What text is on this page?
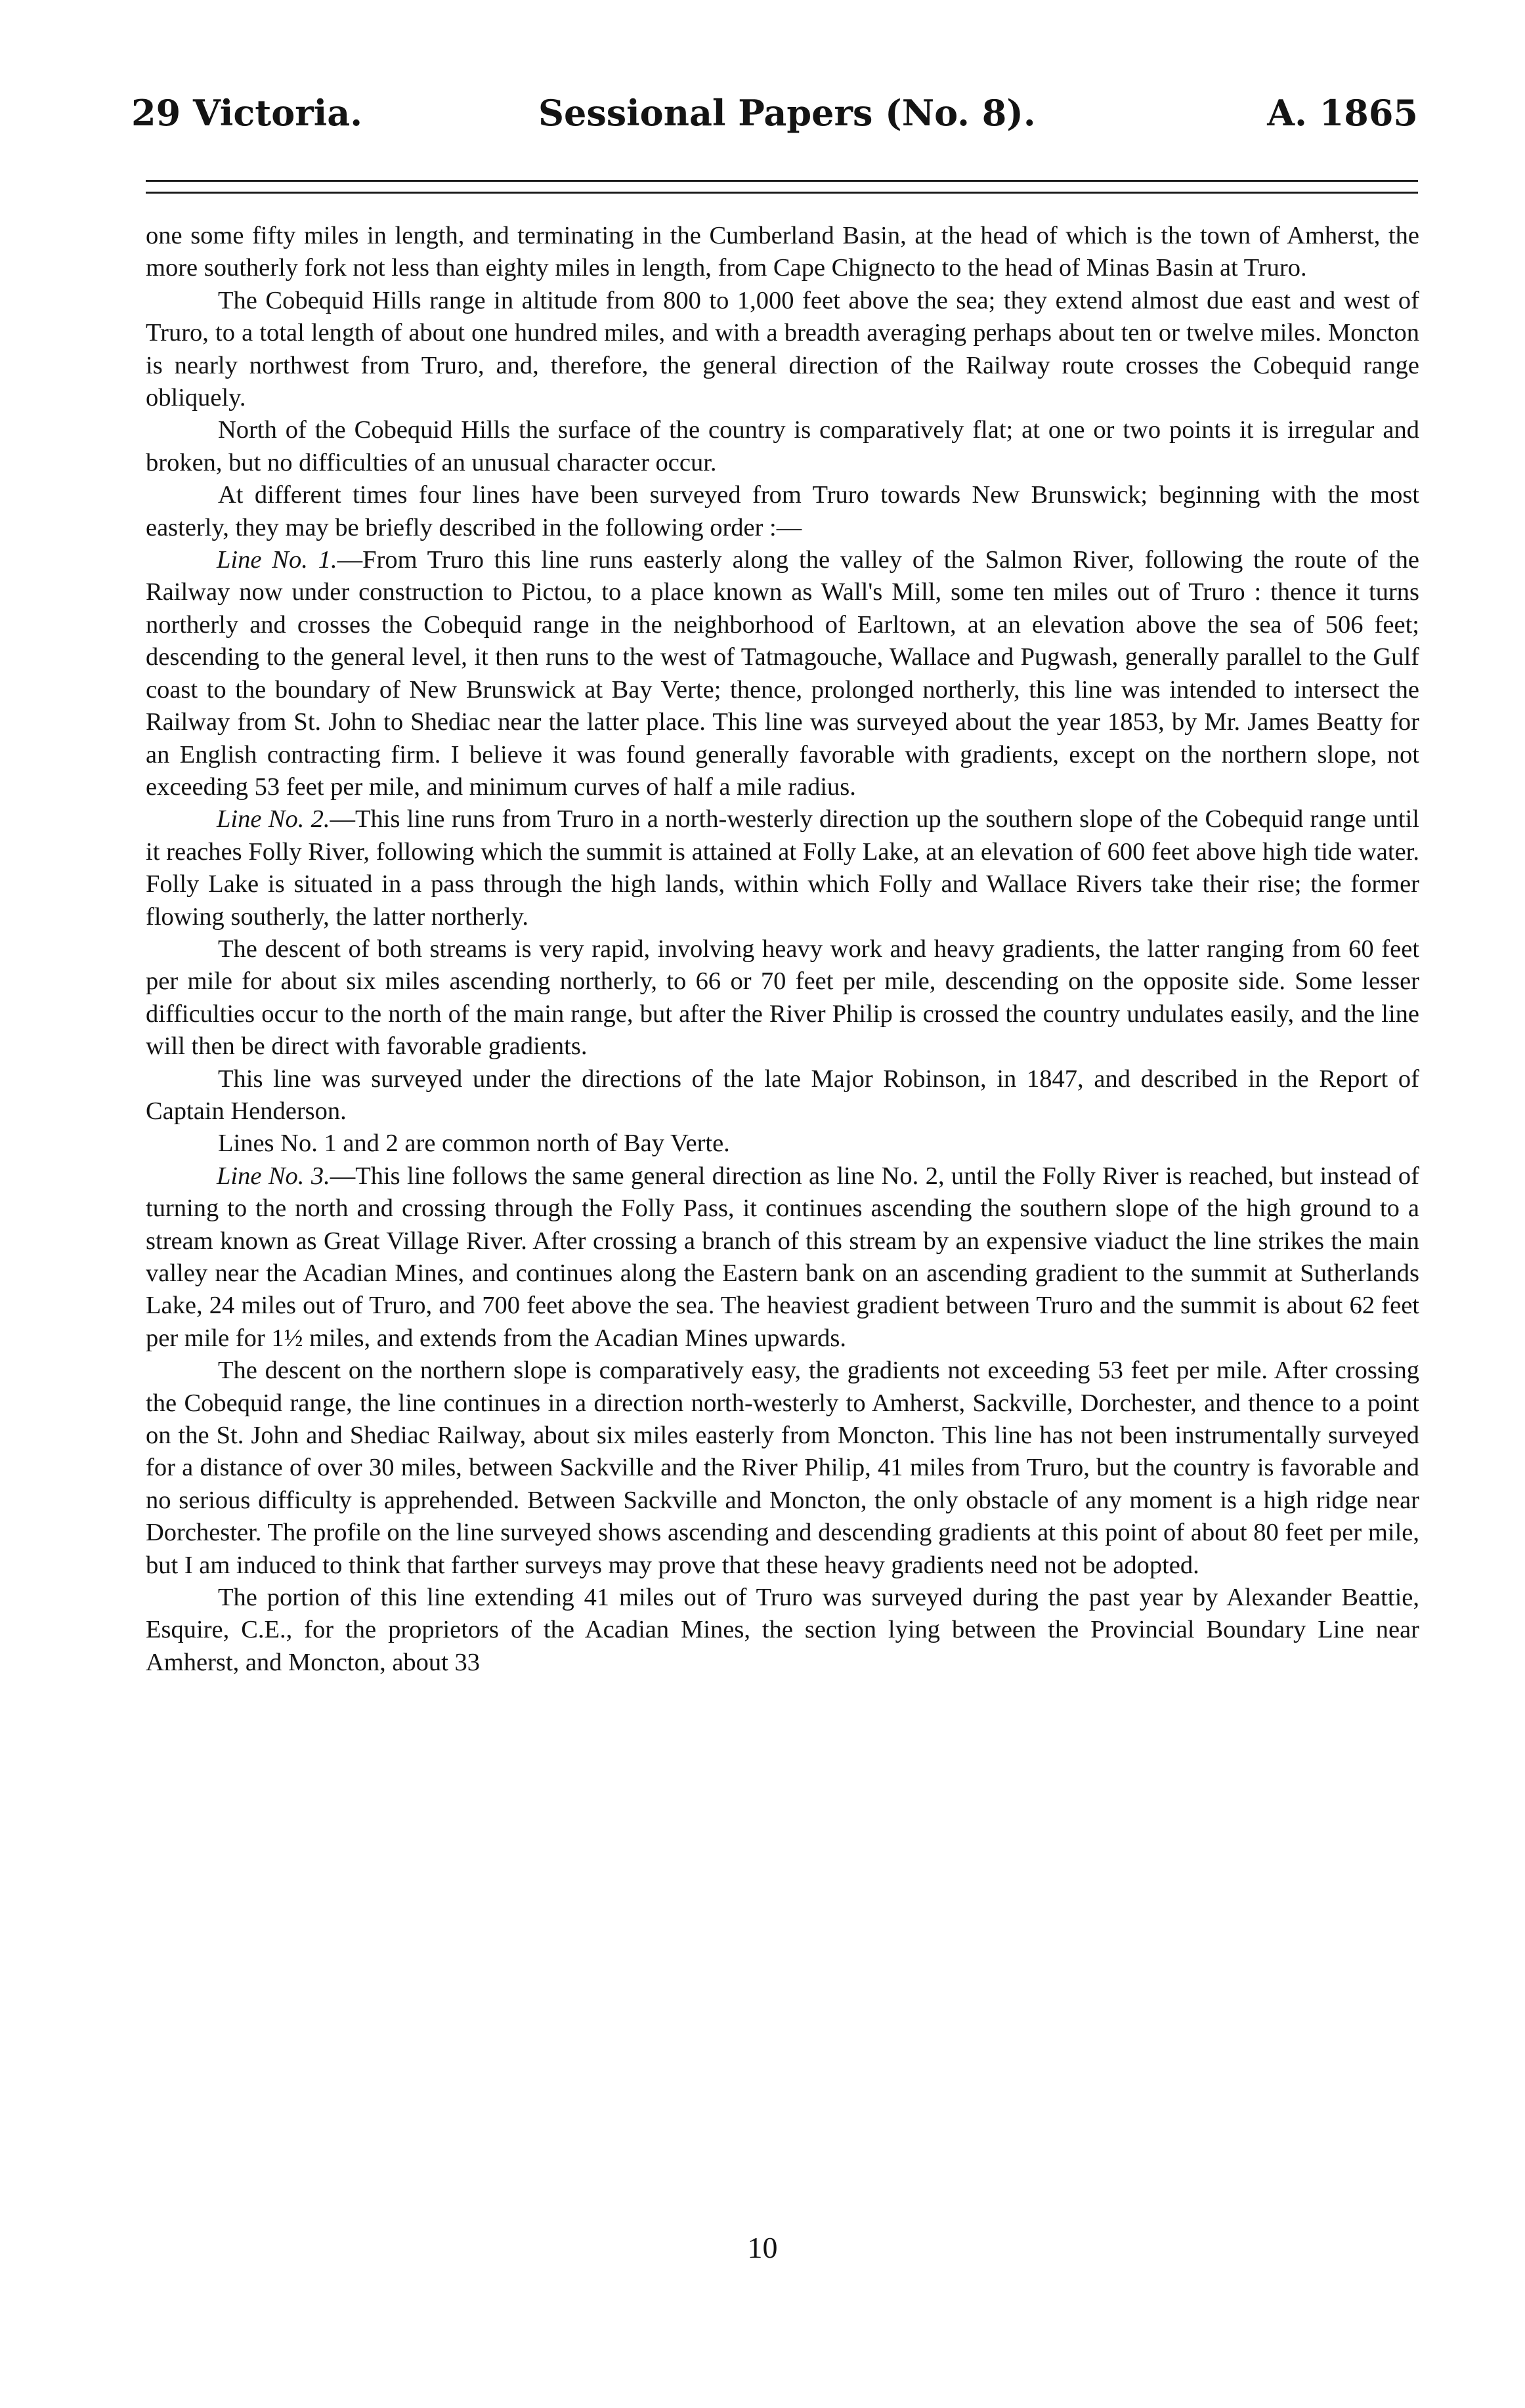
29 Victoria.	Sessional Papers (No. 8).	A. 1865

one some fifty miles in length, and terminating in the Cumberland Basin, at the head of which is the town of Amherst, the more southerly fork not less than eighty miles in length, from Cape Chignecto to the head of Minas Basin at Truro.

The Cobequid Hills range in altitude from 800 to 1,000 feet above the sea; they extend almost due east and west of Truro, to a total length of about one hundred miles, and with a breadth averaging perhaps about ten or twelve miles. Moncton is nearly northwest from Truro, and, therefore, the general direction of the Railway route crosses the Cobequid range obliquely.

North of the Cobequid Hills the surface of the country is comparatively flat; at one or two points it is irregular and broken, but no difficulties of an unusual character occur.

At different times four lines have been surveyed from Truro towards New Brunswick; beginning with the most easterly, they may be briefly described in the following order :—

Line No. 1.—From Truro this line runs easterly along the valley of the Salmon River, following the route of the Railway now under construction to Pictou, to a place known as Wall's Mill, some ten miles out of Truro : thence it turns northerly and crosses the Cobequid range in the neighborhood of Earltown, at an elevation above the sea of 506 feet; descending to the general level, it then runs to the west of Tatmagouche, Wallace and Pugwash, generally parallel to the Gulf coast to the boundary of New Brunswick at Bay Verte; thence, prolonged northerly, this line was intended to intersect the Railway from St. John to Shediac near the latter place. This line was surveyed about the year 1853, by Mr. James Beatty for an English contracting firm. I believe it was found generally favorable with gradients, except on the northern slope, not exceeding 53 feet per mile, and minimum curves of half a mile radius.

Line No. 2.—This line runs from Truro in a north-westerly direction up the southern slope of the Cobequid range until it reaches Folly River, following which the summit is attained at Folly Lake, at an elevation of 600 feet above high tide water. Folly Lake is situated in a pass through the high lands, within which Folly and Wallace Rivers take their rise; the former flowing southerly, the latter northerly.

The descent of both streams is very rapid, involving heavy work and heavy gradients, the latter ranging from 60 feet per mile for about six miles ascending northerly, to 66 or 70 feet per mile, descending on the opposite side. Some lesser difficulties occur to the north of the main range, but after the River Philip is crossed the country undulates easily, and the line will then be direct with favorable gradients.

This line was surveyed under the directions of the late Major Robinson, in 1847, and described in the Report of Captain Henderson.

Lines No. 1 and 2 are common north of Bay Verte.

Line No. 3.—This line follows the same general direction as line No. 2, until the Folly River is reached, but instead of turning to the north and crossing through the Folly Pass, it continues ascending the southern slope of the high ground to a stream known as Great Village River. After crossing a branch of this stream by an expensive viaduct the line strikes the main valley near the Acadian Mines, and continues along the Eastern bank on an ascending gradient to the summit at Sutherlands Lake, 24 miles out of Truro, and 700 feet above the sea. The heaviest gradient between Truro and the summit is about 62 feet per mile for 1½ miles, and extends from the Acadian Mines upwards.

The descent on the northern slope is comparatively easy, the gradients not exceeding 53 feet per mile. After crossing the Cobequid range, the line continues in a direction north-westerly to Amherst, Sackville, Dorchester, and thence to a point on the St. John and Shediac Railway, about six miles easterly from Moncton. This line has not been instrumentally surveyed for a distance of over 30 miles, between Sackville and the River Philip, 41 miles from Truro, but the country is favorable and no serious difficulty is apprehended. Between Sackville and Moncton, the only obstacle of any moment is a high ridge near Dorchester. The profile on the line surveyed shows ascending and descending gradients at this point of about 80 feet per mile, but I am induced to think that farther surveys may prove that these heavy gradients need not be adopted.

The portion of this line extending 41 miles out of Truro was surveyed during the past year by Alexander Beattie, Esquire, C.E., for the proprietors of the Acadian Mines, the section lying between the Provincial Boundary Line near Amherst, and Moncton, about 33

10
